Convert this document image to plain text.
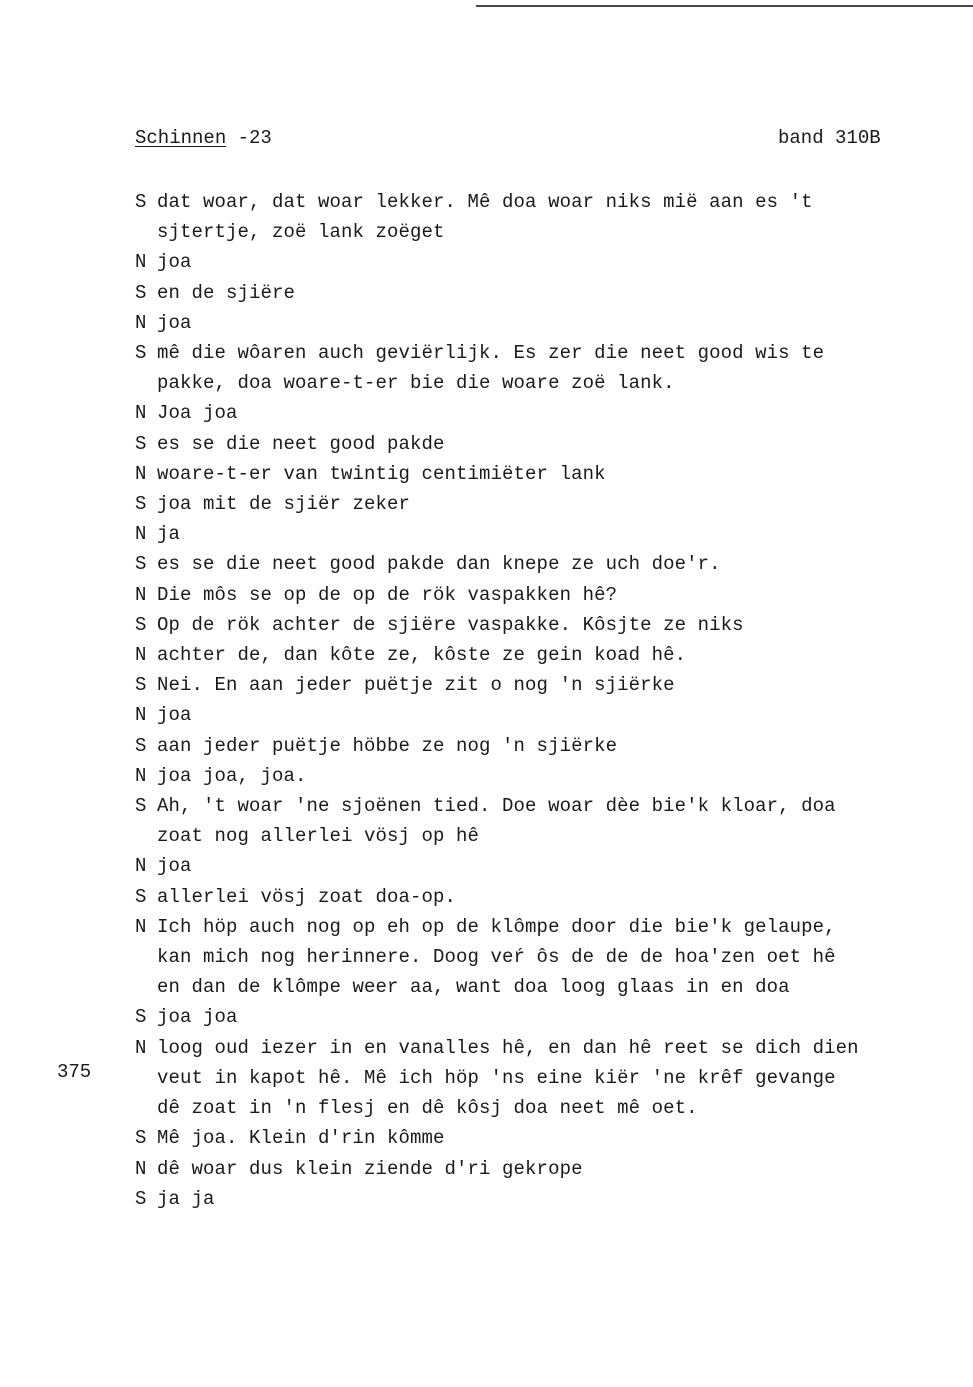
Schinnen -23	band 310B
375
S dat woar, dat woar lekker. Mê doa woar niks mië aan es 't
sjtertje, zoë lank zoëget
N joa
S en de sjiëre
N joa
S mê die wôaren auch geviërlijk. Es zer die neet good wis te
pakke, doa woare-t-er bie die woare zoë lank.
N Joa joa
S es se die neet good pakde
N woare-t-er van twintig centimiëter lank
S joa mit de sjiër zeker
N ja
S es se die neet good pakde dan knepe ze uch doe'r.
N Die môs se op de op de rök vaspakken hê?
S Op de rök achter de sjiëre vaspakke. Kôsjte ze niks
N achter de, dan kôte ze, kôste ze gein koad hê.
S Nei. En aan jeder puëtje zit o nog 'n sjiërke
N joa
S aan jeder puëtje höbbe ze nog 'n sjiërke
N joa joa, joa.
S Ah, 't woar 'ne sjoënen tied. Doe woar dèe bie'k kloar, doa
zoat nog allerlei vösj op hê
N joa
S allerlei vösj zoat doa-op.
N Ich höp auch nog op eh op de klômpe door die bie'k gelaupe,
kan mich nog herinnere. Doog veŕ ôs de de de hoa'zen oet hê
en dan de klômpe weer aa, want doa loog glaas in en doa
S joa joa
N loog oud iezer in en vanalles hê, en dan hê reet se dich dien
veut in kapot hê. Mê ich höp 'ns eine kiër 'ne krêf gevange
dê zoat in 'n flesj en dê kôsj doa neet mê oet.
S Mê joa. Klein d'rin kômme
N dê woar dus klein ziende d'ri gekrope
S ja ja
